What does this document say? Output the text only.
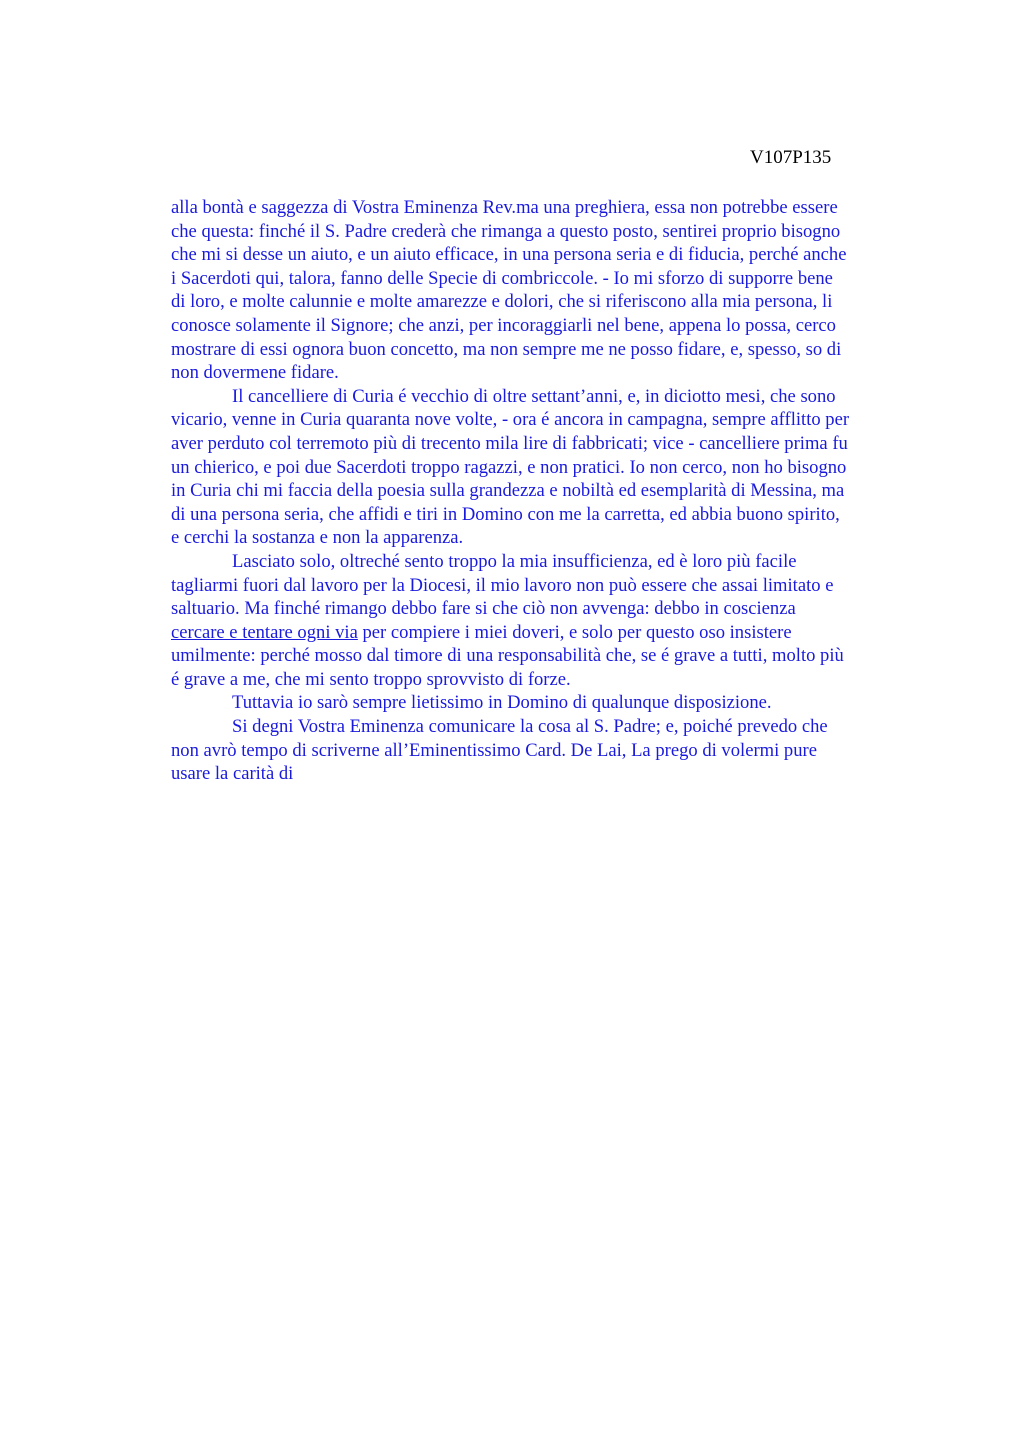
V107P135
alla bontà e saggezza di Vostra Eminenza Rev.ma una preghiera, essa non potrebbe essere
che questa: finché il S. Padre crederà che rimanga a questo posto, sentirei proprio bisogno
che mi si desse un aiuto, e un aiuto efficace, in una persona seria e di fiducia, perché anche
i Sacerdoti qui, talora, fanno delle Specie di combriccole. - Io mi sforzo di supporre bene
di loro, e molte calunnie e molte amarezze e dolori, che si riferiscono alla mia persona, li
conosce solamente il Signore; che anzi, per incoraggiarli nel bene, appena lo possa, cerco
mostrare di essi ognora buon concetto, ma non sempre me ne posso fidare, e, spesso, so di
non dovermene fidare.
Il cancelliere di Curia é vecchio di oltre settant’anni, e, in diciotto mesi, che sono
vicario, venne in Curia quaranta nove volte, - ora é ancora in campagna, sempre afflitto per
aver perduto col terremoto più di trecento mila lire di fabbricati; vice - cancelliere prima fu
un chierico, e poi due Sacerdoti troppo ragazzi, e non pratici. Io non cerco, non ho bisogno
in Curia chi mi faccia della poesia sulla grandezza e nobiltà ed esemplarità di Messina, ma
di una persona seria, che affidi e tiri in Domino con me la carretta, ed abbia buono spirito,
e cerchi la sostanza e non la apparenza.
Lasciato solo, oltreché sento troppo la mia insufficienza, ed è loro più facile
tagliarmi fuori dal lavoro per la Diocesi, il mio lavoro non può essere che assai limitato e
saltuario. Ma finché rimango debbo fare si che ciò non avvenga: debbo in coscienza
cercare e tentare ogni via per compiere i miei doveri, e solo per questo oso insistere
umilmente: perché mosso dal timore di una responsabilità che, se é grave a tutti, molto più
é grave a me, che mi sento troppo sprovvisto di forze.
Tuttavia io sarò sempre lietissimo in Domino di qualunque disposizione.
Si degni Vostra Eminenza comunicare la cosa al S. Padre; e, poiché prevedo che
non avrò tempo di scriverne all’Eminentissimo Card. De Lai, La prego di volermi pure
usare la carità di
